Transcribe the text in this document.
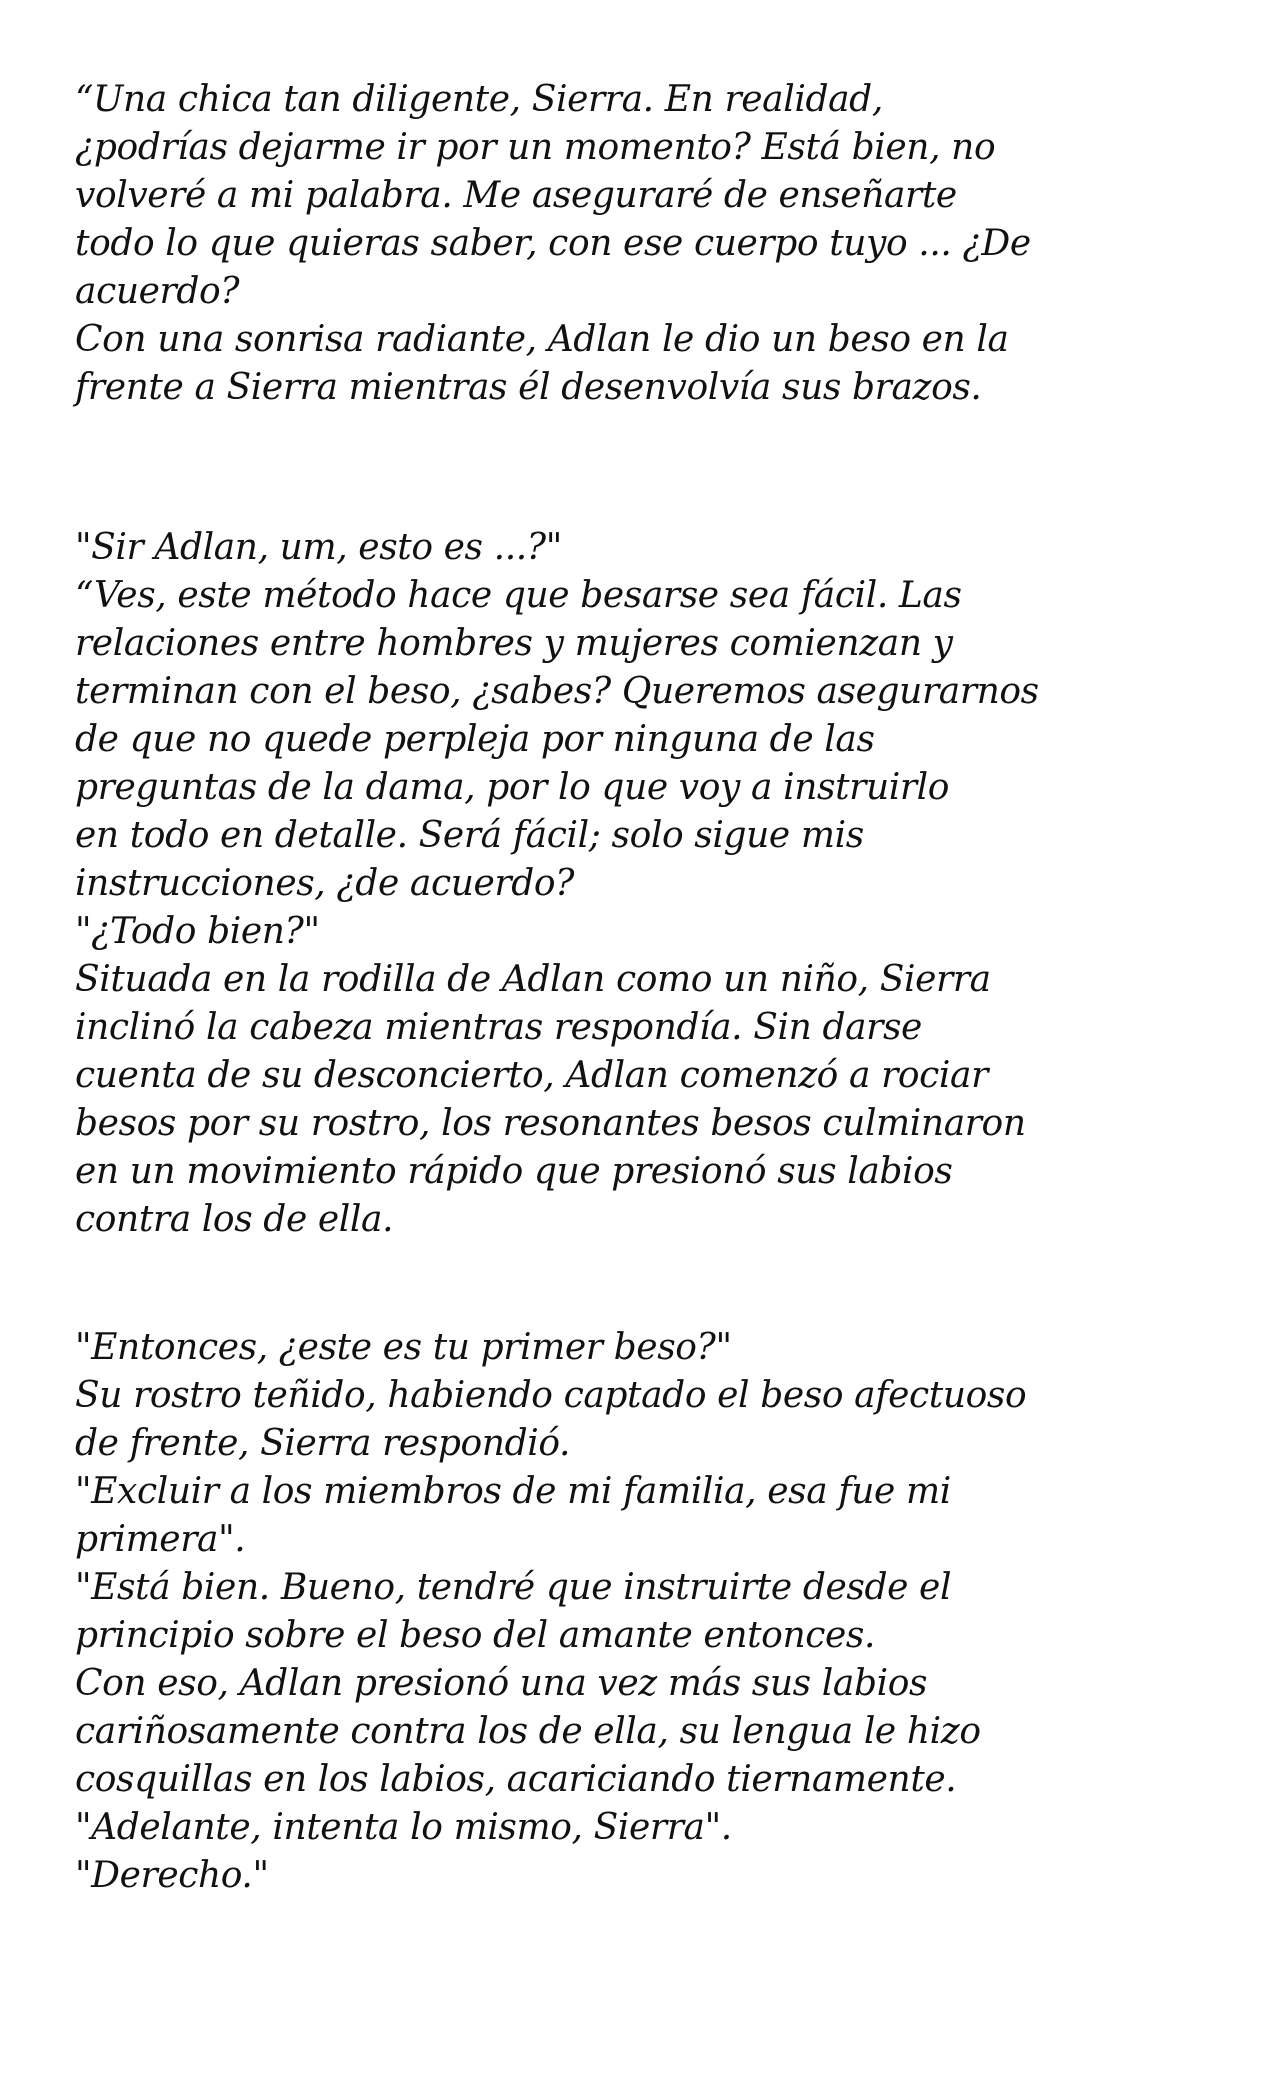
“Una chica tan diligente, Sierra. En realidad,
¿podrías dejarme ir por un momento? Está bien, no
volveré a mi palabra. Me aseguraré de enseñarte
todo lo que quieras saber, con ese cuerpo tuyo ... ¿De
acuerdo?
Con una sonrisa radiante, Adlan le dio un beso en la
frente a Sierra mientras él desenvolvía sus brazos.
"Sir Adlan, um, esto es ...?"
“Ves, este método hace que besarse sea fácil. Las
relaciones entre hombres y mujeres comienzan y
terminan con el beso, ¿sabes? Queremos asegurarnos
de que no quede perpleja por ninguna de las
preguntas de la dama, por lo que voy a instruirlo
en todo en detalle. Será fácil; solo sigue mis
instrucciones, ¿de acuerdo?
"¿Todo bien?"
Situada en la rodilla de Adlan como un niño, Sierra
inclinó la cabeza mientras respondía. Sin darse
cuenta de su desconcierto, Adlan comenzó a rociar
besos por su rostro, los resonantes besos culminaron
en un movimiento rápido que presionó sus labios
contra los de ella.
"Entonces, ¿este es tu primer beso?"
Su rostro teñido, habiendo captado el beso afectuoso
de frente, Sierra respondió.
"Excluir a los miembros de mi familia, esa fue mi
primera".
"Está bien. Bueno, tendré que instruirte desde el
principio sobre el beso del amante entonces.
Con eso, Adlan presionó una vez más sus labios
cariñosamente contra los de ella, su lengua le hizo
cosquillas en los labios, acariciando tiernamente.
"Adelante, intenta lo mismo, Sierra".
"Derecho."
